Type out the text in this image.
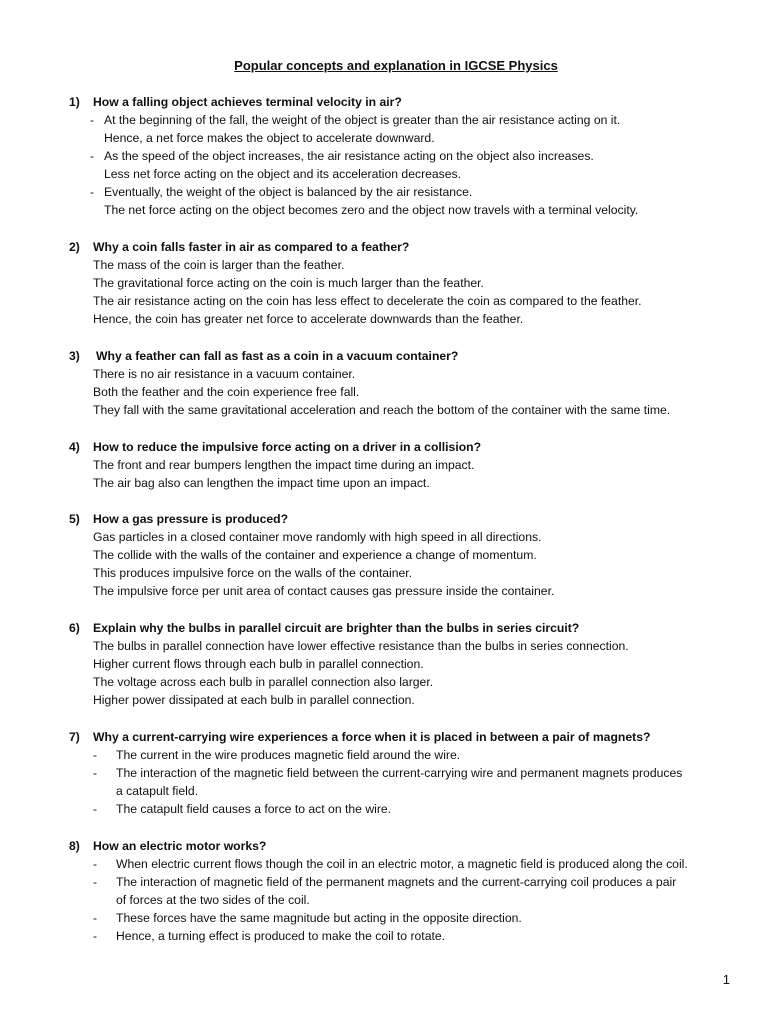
Popular concepts and explanation in IGCSE Physics
1) How a falling object achieves terminal velocity in air?
- At the beginning of the fall, the weight of the object is greater than the air resistance acting on it.
Hence, a net force makes the object to accelerate downward.
- As the speed of the object increases, the air resistance acting on the object also increases.
Less net force acting on the object and its acceleration decreases.
- Eventually, the weight of the object is balanced by the air resistance.
The net force acting on the object becomes zero and the object now travels with a terminal velocity.
2) Why a coin falls faster in air as compared to a feather?
The mass of the coin is larger than the feather.
The gravitational force acting on the coin is much larger than the feather.
The air resistance acting on the coin has less effect to decelerate the coin as compared to the feather.
Hence, the coin has greater net force to accelerate downwards than the feather.
3) Why a feather can fall as fast as a coin in a vacuum container?
There is no air resistance in a vacuum container.
Both the feather and the coin experience free fall.
They fall with the same gravitational acceleration and reach the bottom of the container with the same time.
4) How to reduce the impulsive force acting on a driver in a collision?
The front and rear bumpers lengthen the impact time during an impact.
The air bag also can lengthen the impact time upon an impact.
5) How a gas pressure is produced?
Gas particles in a closed container move randomly with high speed in all directions.
The collide with the walls of the container and experience a change of momentum.
This produces impulsive force on the walls of the container.
The impulsive force per unit area of contact causes gas pressure inside the container.
6) Explain why the bulbs in parallel circuit are brighter than the bulbs in series circuit?
The bulbs in parallel connection have lower effective resistance than the bulbs in series connection.
Higher current flows through each bulb in parallel connection.
The voltage across each bulb in parallel connection also larger.
Higher power dissipated at each bulb in parallel connection.
7) Why a current-carrying wire experiences a force when it is placed in between a pair of magnets?
- The current in the wire produces magnetic field around the wire.
- The interaction of the magnetic field between the current-carrying wire and permanent magnets produces
a catapult field.
- The catapult field causes a force to act on the wire.
8) How an electric motor works?
- When electric current flows though the coil in an electric motor, a magnetic field is produced along the coil.
- The interaction of magnetic field of the permanent magnets and the current-carrying coil produces a pair
of forces at the two sides of the coil.
- These forces have the same magnitude but acting in the opposite direction.
- Hence, a turning effect is produced to make the coil to rotate.
1
